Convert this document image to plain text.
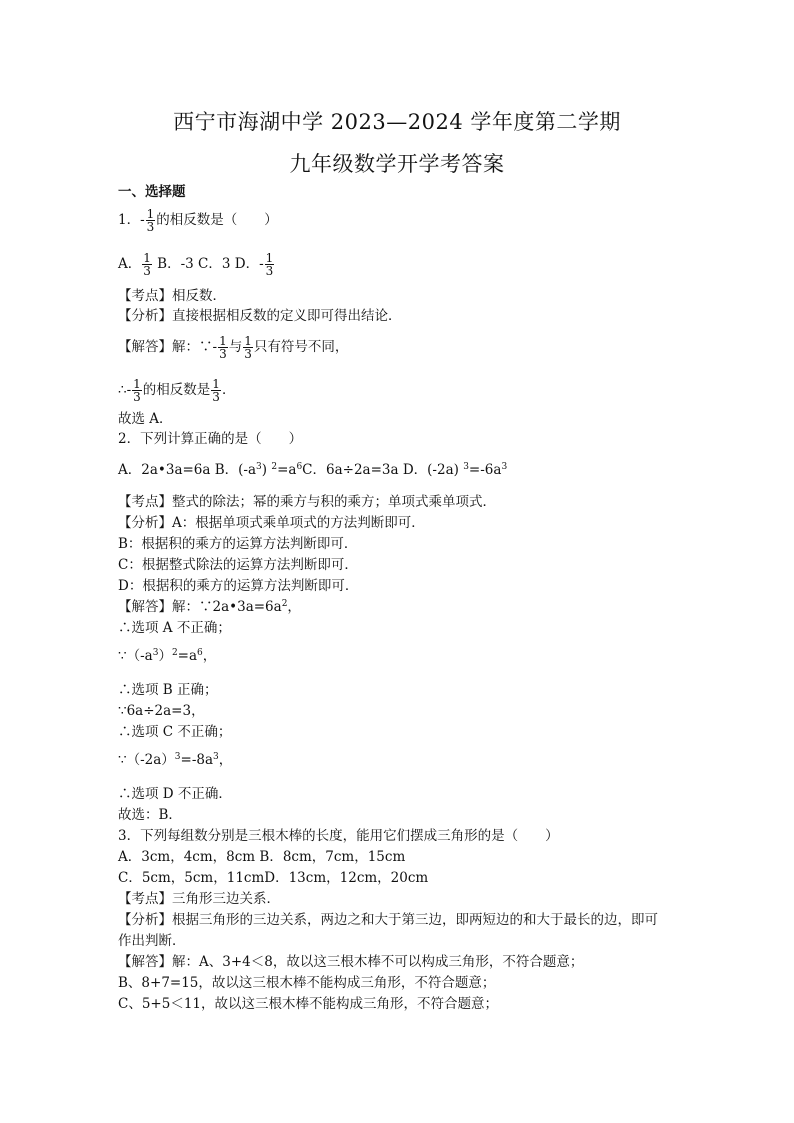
西宁市海湖中学 2023—2024 学年度第二学期
九年级数学开学考答案
一、选择题
1．- $\frac{1}{3}$ 的相反数是（　　）
A． $\frac{1}{3}$ B．-3 C．3 D．- $\frac{1}{3}$
【考点】相反数．
【分析】直接根据相反数的定义即可得出结论．
【解答】解：∵- $\frac{1}{3}$ 与 $\frac{1}{3}$ 只有符号不同，
∴- $\frac{1}{3}$ 的相反数是 $\frac{1}{3}$ ．
故选 A．
2．下列计算正确的是（　　）
A．2a•3a=6a B．$(-a^3)$ $^2=a^6C$．6a÷2a=3a D．(-2a) $^3=-6a^3$
【考点】整式的除法；幂的乘方与积的乘方；单项式乘单项式．
【分析】A：根据单项式乘单项式的方法判断即可．
B：根据积的乘方的运算方法判断即可．
C：根据整式除法的运算方法判断即可．
D：根据积的乘方的运算方法判断即可．
【解答】解：$\because 2a•3a=6a^2$，
∴选项 A 不正确；
$\because(-a^3)^2=a^6$，
∴选项 B 正确；
∵6a÷2a=3，
∴选项 C 不正确；
$\because(-2a)^3=-8a^3$，
∴选项 D 不正确．
故选：B．
3．下列每组数分别是三根木棒的长度，能用它们摆成三角形的是（　　）
A．3cm，4cm，8cm B．8cm，7cm，15cm
C．5cm，5cm，11cmD．13cm，12cm，20cm
【考点】三角形三边关系．
【分析】根据三角形的三边关系，两边之和大于第三边，即两短边的和大于最长的边，即可
作出判断．
【解答】解：A、3+4＜8，故以这三根木棒不可以构成三角形，不符合题意；
B、8+7=15，故以这三根木棒不能构成三角形，不符合题意；
C、5+5＜11，故以这三根木棒不能构成三角形，不符合题意；
